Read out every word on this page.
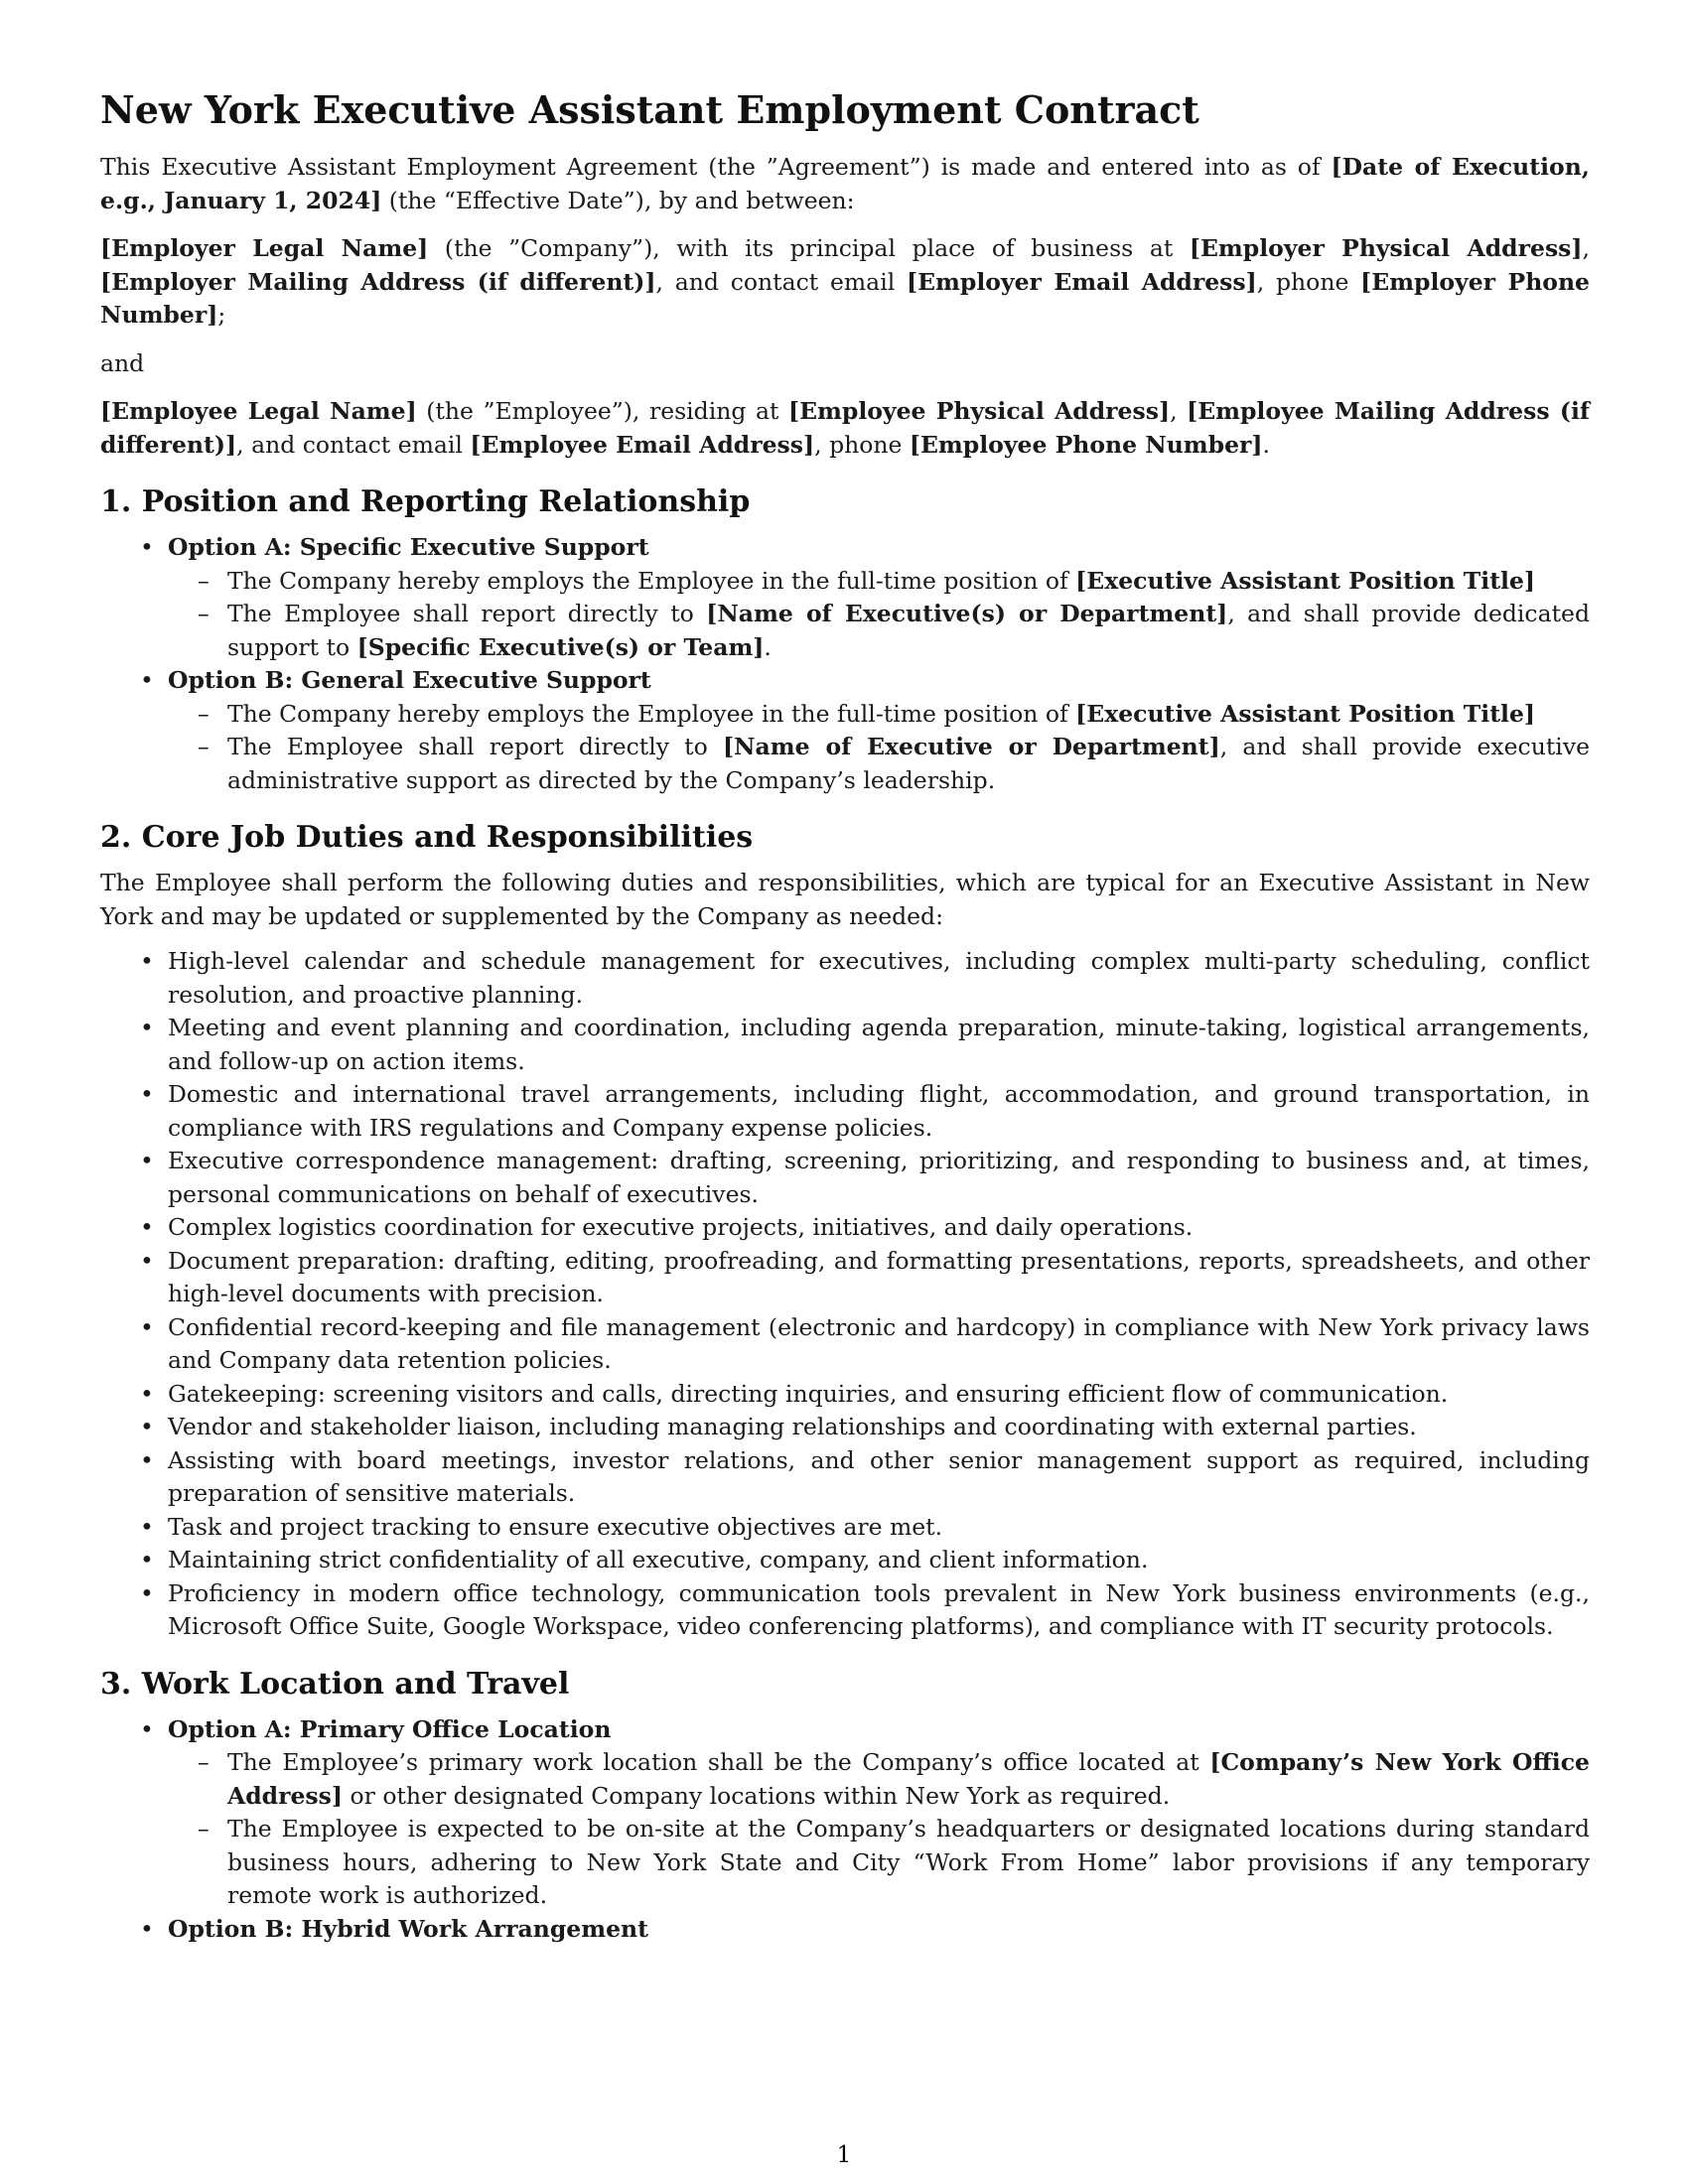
New York Executive Assistant Employment Contract

This Executive Assistant Employment Agreement (the ”Agreement”) is made and entered into as of [Date of Execution, e.g., January 1, 2024] (the “Effective Date”), by and between:

[Employer Legal Name] (the ”Company”), with its principal place of business at [Employer Physical Address], [Employer Mailing Address (if different)], and contact email [Employer Email Address], phone [Employer Phone Number];

and

[Employee Legal Name] (the ”Employee”), residing at [Employee Physical Address], [Employee Mailing Address (if different)], and contact email [Employee Email Address], phone [Employee Phone Number].

1. Position and Reporting Relationship
• Option A: Specific Executive Support
– The Company hereby employs the Employee in the full-time position of [Executive Assistant Position Title]
– The Employee shall report directly to [Name of Executive(s) or Department], and shall provide dedicated support to [Specific Executive(s) or Team].
• Option B: General Executive Support
– The Company hereby employs the Employee in the full-time position of [Executive Assistant Position Title]
– The Employee shall report directly to [Name of Executive or Department], and shall provide executive administrative support as directed by the Company’s leadership.
2. Core Job Duties and Responsibilities

The Employee shall perform the following duties and responsibilities, which are typical for an Executive Assistant in New York and may be updated or supplemented by the Company as needed:

• High-level calendar and schedule management for executives, including complex multi-party scheduling, conflict resolution, and proactive planning.
• Meeting and event planning and coordination, including agenda preparation, minute-taking, logistical arrangements, and follow-up on action items.
• Domestic and international travel arrangements, including flight, accommodation, and ground transportation, in compliance with IRS regulations and Company expense policies.
• Executive correspondence management: drafting, screening, prioritizing, and responding to business and, at times, personal communications on behalf of executives.
• Complex logistics coordination for executive projects, initiatives, and daily operations.
• Document preparation: drafting, editing, proofreading, and formatting presentations, reports, spreadsheets, and other high-level documents with precision.
• Confidential record-keeping and file management (electronic and hardcopy) in compliance with New York privacy laws and Company data retention policies.
• Gatekeeping: screening visitors and calls, directing inquiries, and ensuring efficient flow of communication.
• Vendor and stakeholder liaison, including managing relationships and coordinating with external parties.
• Assisting with board meetings, investor relations, and other senior management support as required, including preparation of sensitive materials.
• Task and project tracking to ensure executive objectives are met.
• Maintaining strict confidentiality of all executive, company, and client information.
• Proficiency in modern office technology, communication tools prevalent in New York business environments (e.g., Microsoft Office Suite, Google Workspace, video conferencing platforms), and compliance with IT security protocols.
3. Work Location and Travel
• Option A: Primary Office Location
– The Employee’s primary work location shall be the Company’s office located at [Company’s New York Office Address] or other designated Company locations within New York as required.
– The Employee is expected to be on-site at the Company’s headquarters or designated locations during standard business hours, adhering to New York State and City “Work From Home” labor provisions if any temporary remote work is authorized.
• Option B: Hybrid Work Arrangement
1
